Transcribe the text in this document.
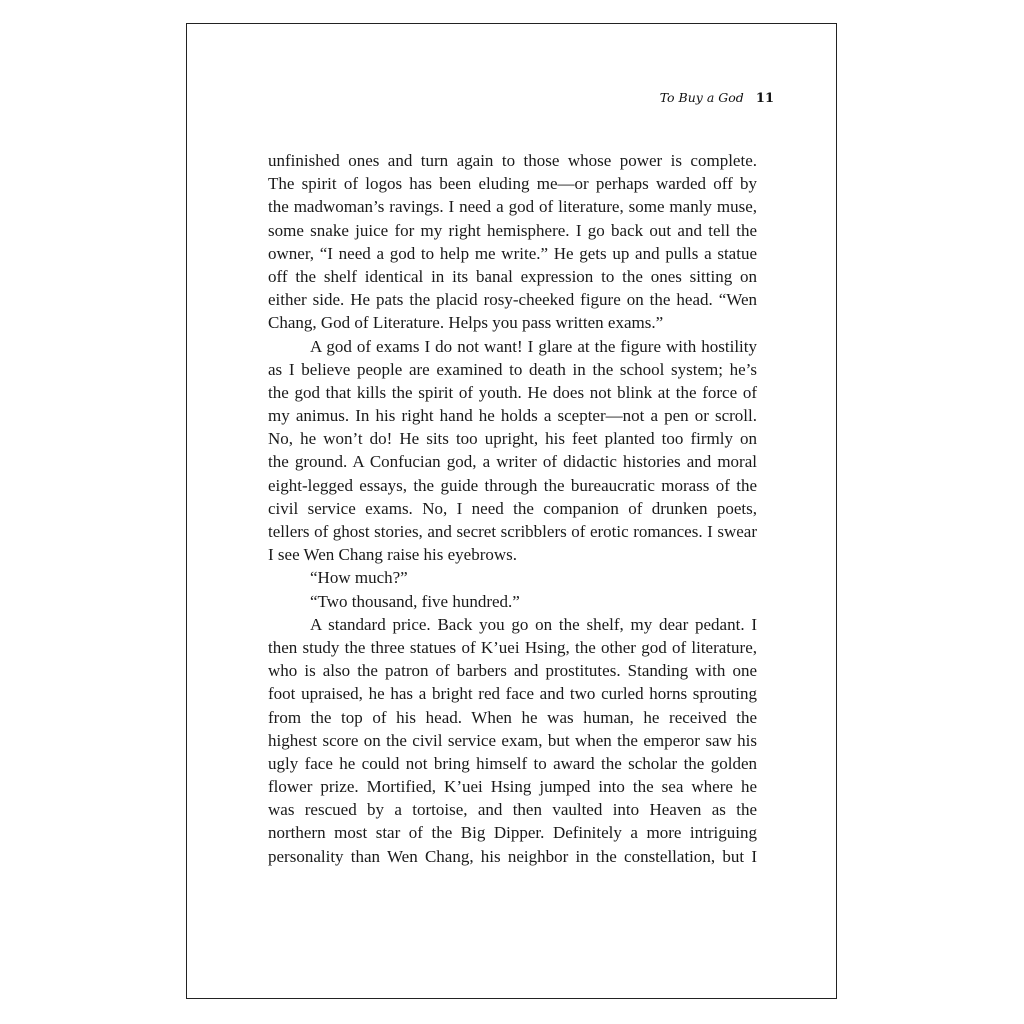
To Buy a God 11
unfinished ones and turn again to those whose power is complete.
The spirit of logos has been eluding me—or perhaps warded off by
the madwoman’s ravings. I need a god of literature, some manly muse,
some snake juice for my right hemisphere. I go back out and tell the
owner, “I need a god to help me write.” He gets up and pulls a statue
off the shelf identical in its banal expression to the ones sitting on
either side. He pats the placid rosy-cheeked figure on the head. “Wen
Chang, God of Literature. Helps you pass written exams.”
A god of exams I do not want! I glare at the figure with hostility
as I believe people are examined to death in the school system; he’s
the god that kills the spirit of youth. He does not blink at the force of
my animus. In his right hand he holds a scepter—not a pen or scroll.
No, he won’t do! He sits too upright, his feet planted too firmly on
the ground. A Confucian god, a writer of didactic histories and moral
eight-legged essays, the guide through the bureaucratic morass of the
civil service exams. No, I need the companion of drunken poets,
tellers of ghost stories, and secret scribblers of erotic romances. I swear
I see Wen Chang raise his eyebrows.
“How much?”
“Two thousand, five hundred.”
A standard price. Back you go on the shelf, my dear pedant. I
then study the three statues of K’uei Hsing, the other god of literature,
who is also the patron of barbers and prostitutes. Standing with one
foot upraised, he has a bright red face and two curled horns sprouting
from the top of his head. When he was human, he received the
highest score on the civil service exam, but when the emperor saw his
ugly face he could not bring himself to award the scholar the golden
flower prize. Mortified, K’uei Hsing jumped into the sea where he
was rescued by a tortoise, and then vaulted into Heaven as the
northern most star of the Big Dipper. Definitely a more intriguing
personality than Wen Chang, his neighbor in the constellation, but I
